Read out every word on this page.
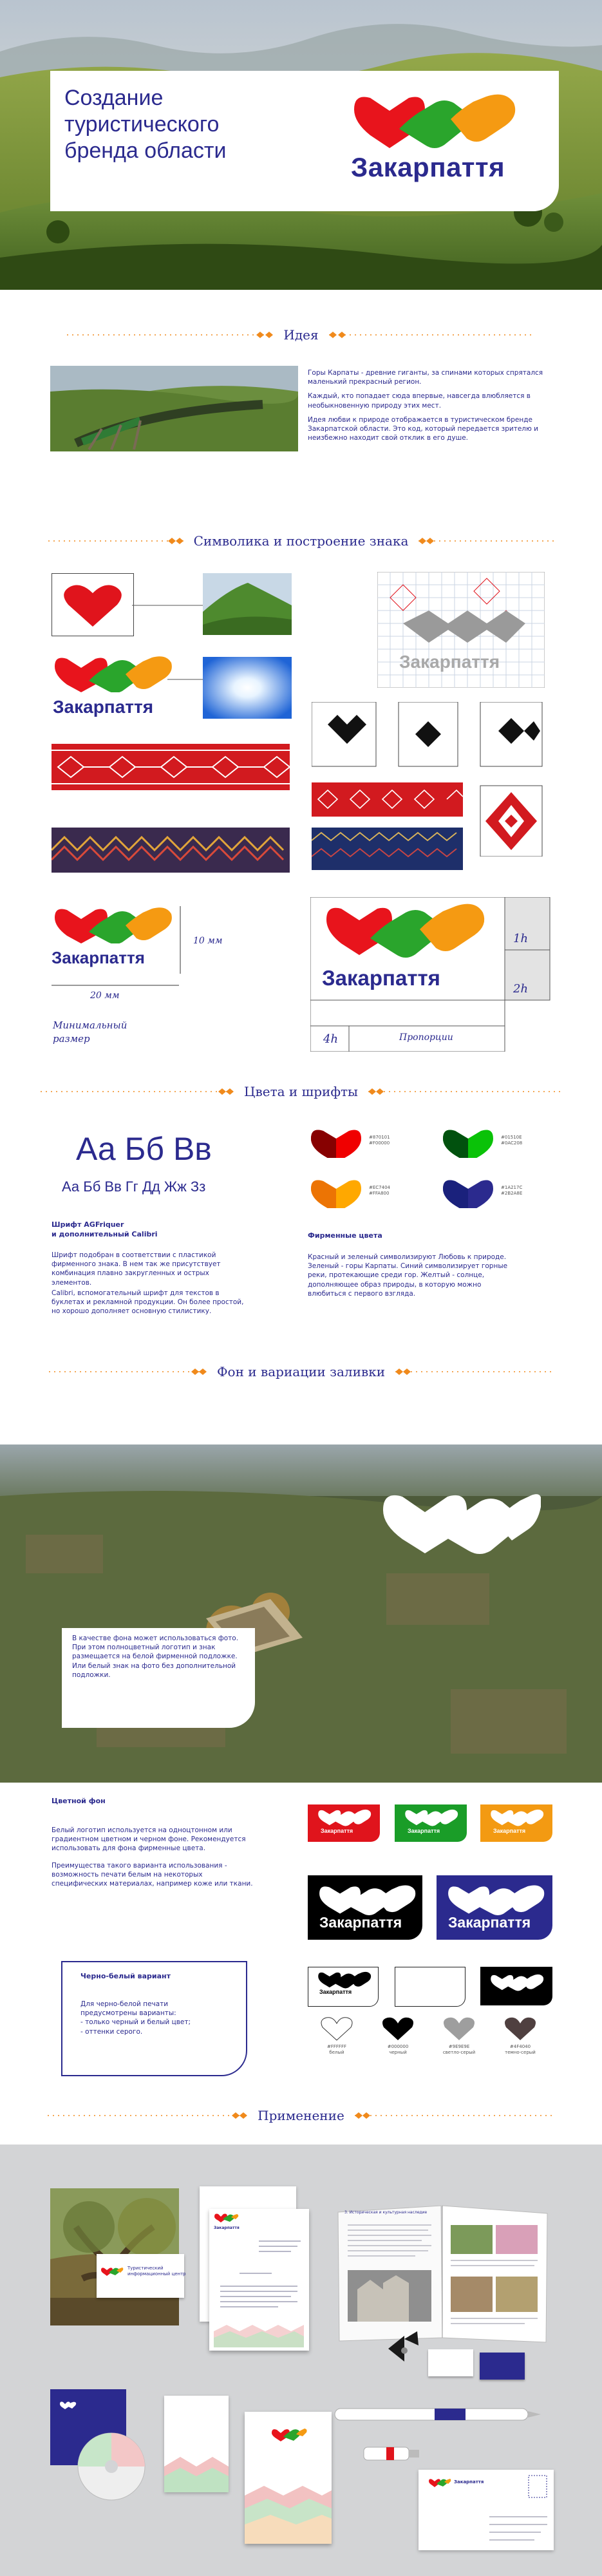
Создание
туристического
бренда области
Закарпаття
Идея

Горы Карпаты - древние гиганты, за спинами которых спрятался маленький прекрасный регион.

Каждый, кто попадает сюда впервые, навсегда влюбляется в необыкновенную природу этих мест.

Идея любви к природе отображается в туристическом бренде Закарпатской области. Это код, который передается зрителю и неизбежно находит свой отклик в его душе.

Символика и построение знака
Закарпаття
Закарпаття
Закарпаття
10 мм
20 мм
Минимальный
размер
Закарпаття
1h
2h
4h	Пропорции
Цвета и шрифты
Аа Бб Вв
Аа Бб Вв Гг Дд Жж Зз
Шрифт AGFriquer
и дополнительный Calibri

Шрифт подобран в соответствии с пластикой фирменного знака. В нем так же присутствует комбинация плавно закругленных и острых элементов.

Calibri, вспомогательный шрифт для текстов в буклетах и рекламной продукции. Он более простой, но хорошо дополняет основную стилистику.

#870101
#F00000
#01510E
#0AC208
#EC7404
#FFA800
#1A217C
#2B2A8E
Фирменные цвета
Красный и зеленый символизируют Любовь к природе. Зеленый - горы Карпаты. Синий символизирует горные реки, протекающие среди гор. Желтый - солнце, дополняющее образ природы, в которую можно влюбиться с первого взгляда.
Фон и вариации заливки
В качестве фона может использоваться фото. При этом полноцветный логотип и знак размещается на белой фирменной подложке. Или белый знак на фото без дополнительной подложки.
Цветной фон

Белый логотип используется на одноцтонном или градиентном цветном и черном фоне. Рекомендуется использовать для фона фирменные цвета.

Преимущества такого варианта использования - возможность печати белым на некоторых специфических материалах, например коже или ткани.

Черно-белый вариант
Для черно-белой печати предусмотрены варианты:
- только черный и белый цвет;
- оттенки серого.
Закарпаття	Закарпаття	Закарпаття
Закарпаття	Закарпаття
Закарпаття
#FFFFFF
белый
#000000
черный
#9E9E9E
светло-серый
#4F4040
темно-серый
Применение
Туристический
информационный центр
Закарпаття
3. Историческая и культурная наследие
Закарпаття
